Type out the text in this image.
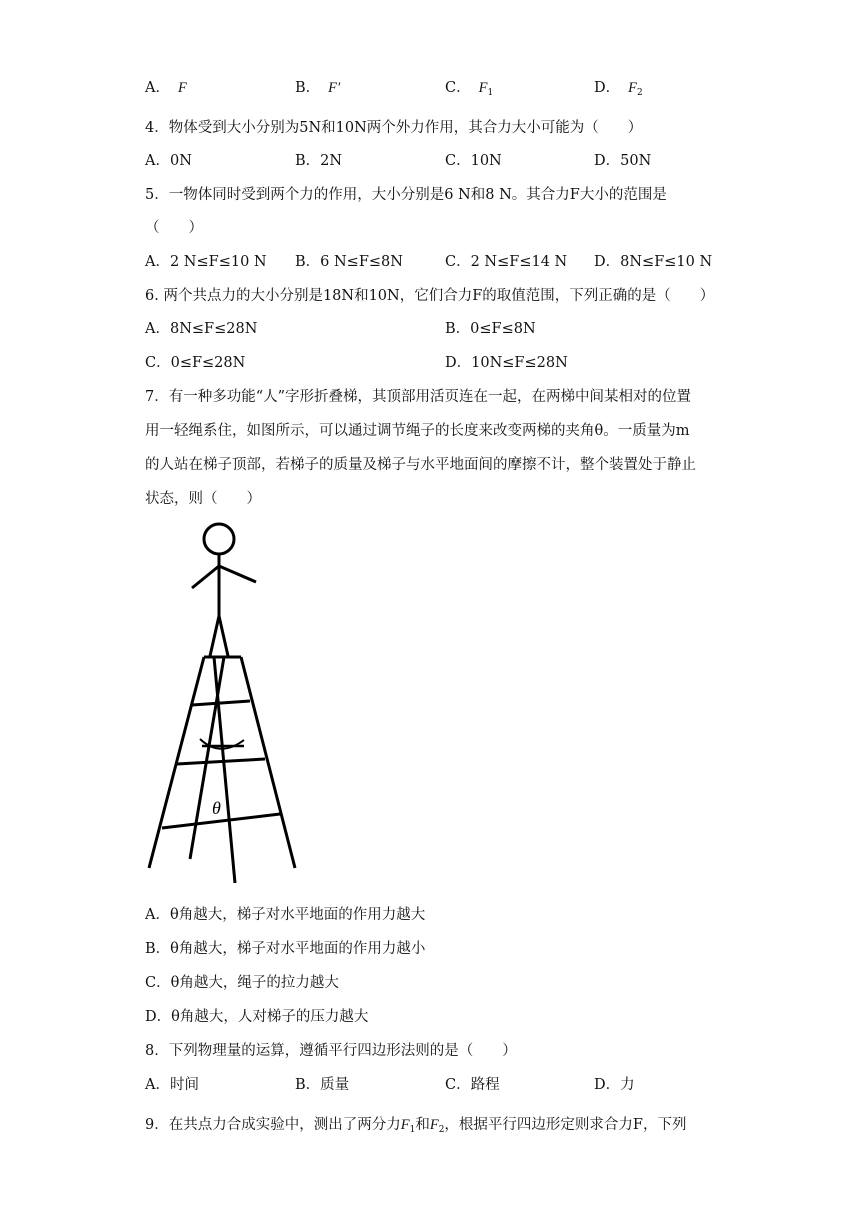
A． F	B． F′	C． $F_1$	D． $F_2$
4．物体受到大小分别为5N和10N两个外力作用，其合力大小可能为（　　）
A．0N	B．2N	C．10N	D．50N
5．一物体同时受到两个力的作用，大小分别是6 N和8 N。其合力F大小的范围是
（　　）
A．2 N≤F≤10 N B．6 N≤F≤8N	C．2 N≤F≤14 N D．8N≤F≤10 N
6. 两个共点力的大小分别是18N和10N，它们合力F的取值范围，下列正确的是（　　）
A．8N≤F≤28N	B．0≤F≤8N
C．0≤F≤28N	D．10N≤F≤28N
7．有一种多功能“人”字形折叠梯，其顶部用活页连在一起，在两梯中间某相对的位置
用一轻绳系住，如图所示，可以通过调节绳子的长度来改变两梯的夹角θ。一质量为m
的人站在梯子顶部，若梯子的质量及梯子与水平地面间的摩擦不计，整个装置处于静止
状态，则（　　）
θ
A．θ角越大，梯子对水平地面的作用力越大
B．θ角越大，梯子对水平地面的作用力越小
C．θ角越大，绳子的拉力越大
D．θ角越大，人对梯子的压力越大
8．下列物理量的运算，遵循平行四边形法则的是（　　）
A．时间	B．质量	C．路程	D．力
9．在共点力合成实验中，测出了两分力$F_1$和$F_2$，根据平行四边形定则求合力F，下列
